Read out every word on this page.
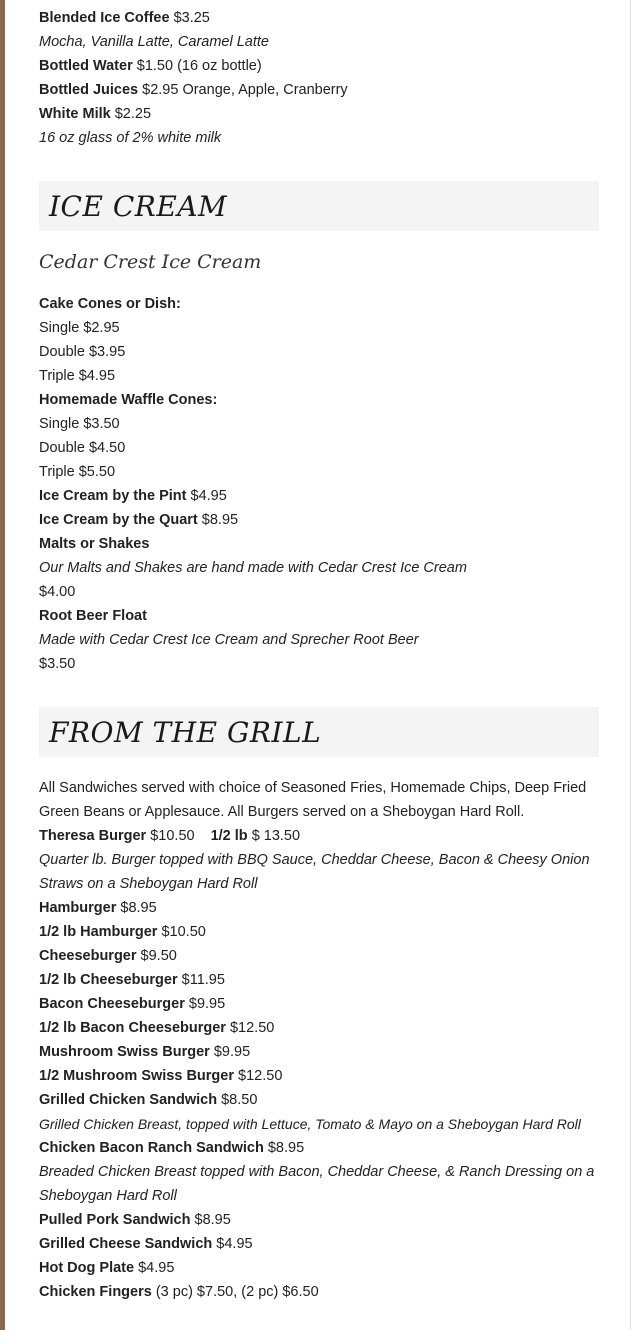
Blended Ice Coffee $3.25
Mocha, Vanilla Latte, Caramel Latte
Bottled Water $1.50 (16 oz bottle)
Bottled Juices $2.95 Orange, Apple, Cranberry
White Milk $2.25
16 oz glass of 2% white milk
ICE CREAM
Cedar Crest Ice Cream
Cake Cones or Dish:
Single $2.95
Double $3.95
Triple $4.95
Homemade Waffle Cones:
Single $3.50
Double $4.50
Triple $5.50
Ice Cream by the Pint $4.95
Ice Cream by the Quart $8.95
Malts or Shakes
Our Malts and Shakes are hand made with Cedar Crest Ice Cream
$4.00
Root Beer Float
Made with Cedar Crest Ice Cream and Sprecher Root Beer
$3.50
FROM THE GRILL
All Sandwiches served with choice of Seasoned Fries, Homemade Chips, Deep Fried Green Beans or Applesauce. All Burgers served on a Sheboygan Hard Roll.
Theresa Burger $10.50 1/2 lb $ 13.50
Quarter lb. Burger topped with BBQ Sauce, Cheddar Cheese, Bacon & Cheesy Onion Straws on a Sheboygan Hard Roll
Hamburger $8.95
1/2 lb Hamburger $10.50
Cheeseburger $9.50
1/2 lb Cheeseburger $11.95
Bacon Cheeseburger $9.95
1/2 lb Bacon Cheeseburger $12.50
Mushroom Swiss Burger $9.95
1/2 Mushroom Swiss Burger $12.50
Grilled Chicken Sandwich $8.50
Grilled Chicken Breast, topped with Lettuce, Tomato & Mayo on a Sheboygan Hard Roll
Chicken Bacon Ranch Sandwich $8.95
Breaded Chicken Breast topped with Bacon, Cheddar Cheese, & Ranch Dressing on a Sheboygan Hard Roll
Pulled Pork Sandwich $8.95
Grilled Cheese Sandwich $4.95
Hot Dog Plate $4.95
Chicken Fingers (3 pc) $7.50, (2 pc) $6.50
